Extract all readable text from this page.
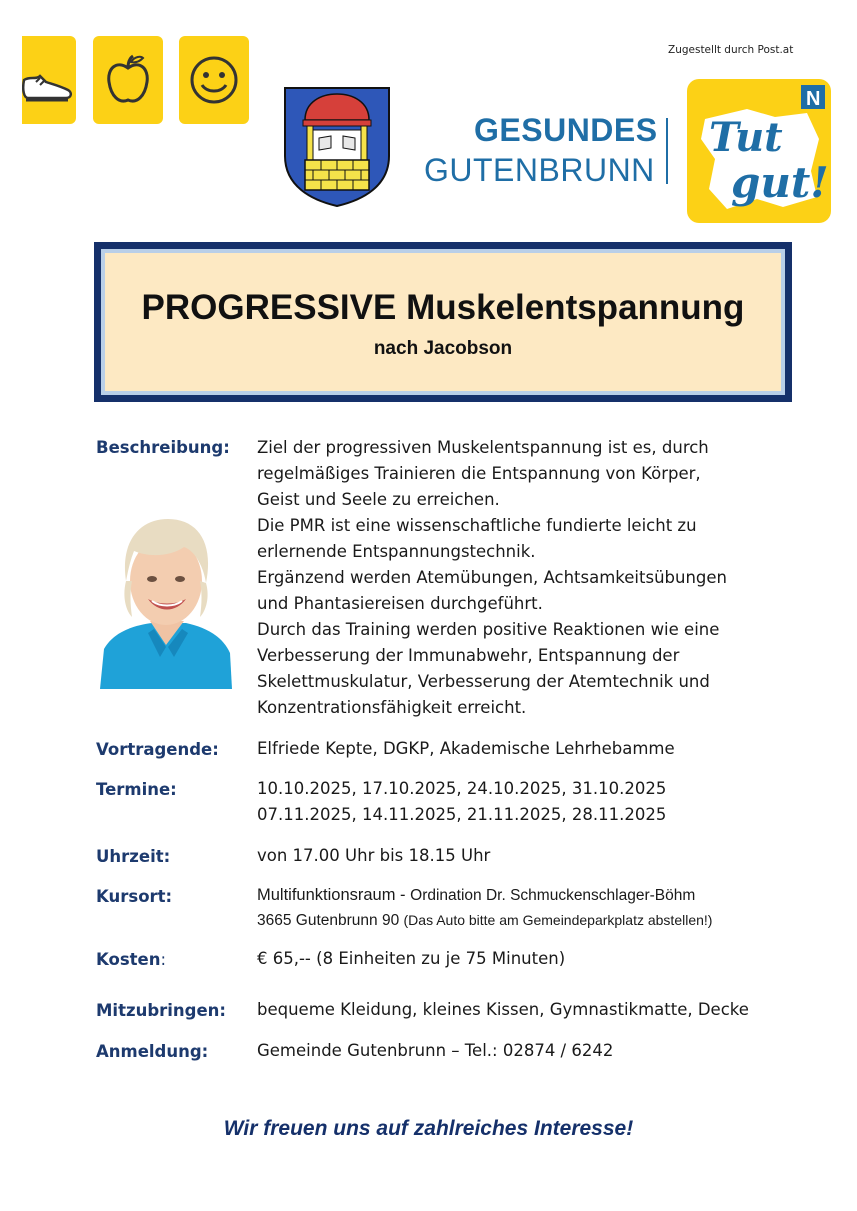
Zugestellt durch Post.at
GESUNDES
GUTENBRUNN
N
Tut
gut!
PROGRESSIVE Muskelentspannung
nach Jacobson
Beschreibung: Ziel der progressiven Muskelentspannung ist es, durch
regelmäßiges Trainieren die Entspannung von Körper,
Geist und Seele zu erreichen.
Die PMR ist eine wissenschaftliche fundierte leicht zu
erlernende Entspannungstechnik.
Ergänzend werden Atemübungen, Achtsamkeitsübungen
und Phantasiereisen durchgeführt.
Durch das Training werden positive Reaktionen wie eine
Verbesserung der Immunabwehr, Entspannung der
Skelettmuskulatur, Verbesserung der Atemtechnik und
Konzentrationsfähigkeit erreicht.
Vortragende: Elfriede Kepte, DGKP, Akademische Lehrhebamme
Termine:	10.10.2025, 17.10.2025, 24.10.2025, 31.10.2025
07.11.2025, 14.11.2025, 21.11.2025, 28.11.2025
Uhrzeit:	von 17.00 Uhr bis 18.15 Uhr
Kursort:	Multifunktionsraum - Ordination Dr. Schmuckenschlager-Böhm
3665 Gutenbrunn 90 (Das Auto bitte am Gemeindeparkplatz abstellen!)
Kosten:	€ 65,-- (8 Einheiten zu je 75 Minuten)
Mitzubringen: bequeme Kleidung, kleines Kissen, Gymnastikmatte, Decke
Anmeldung:	Gemeinde Gutenbrunn – Tel.: 02874 / 6242
Wir freuen uns auf zahlreiches Interesse!
